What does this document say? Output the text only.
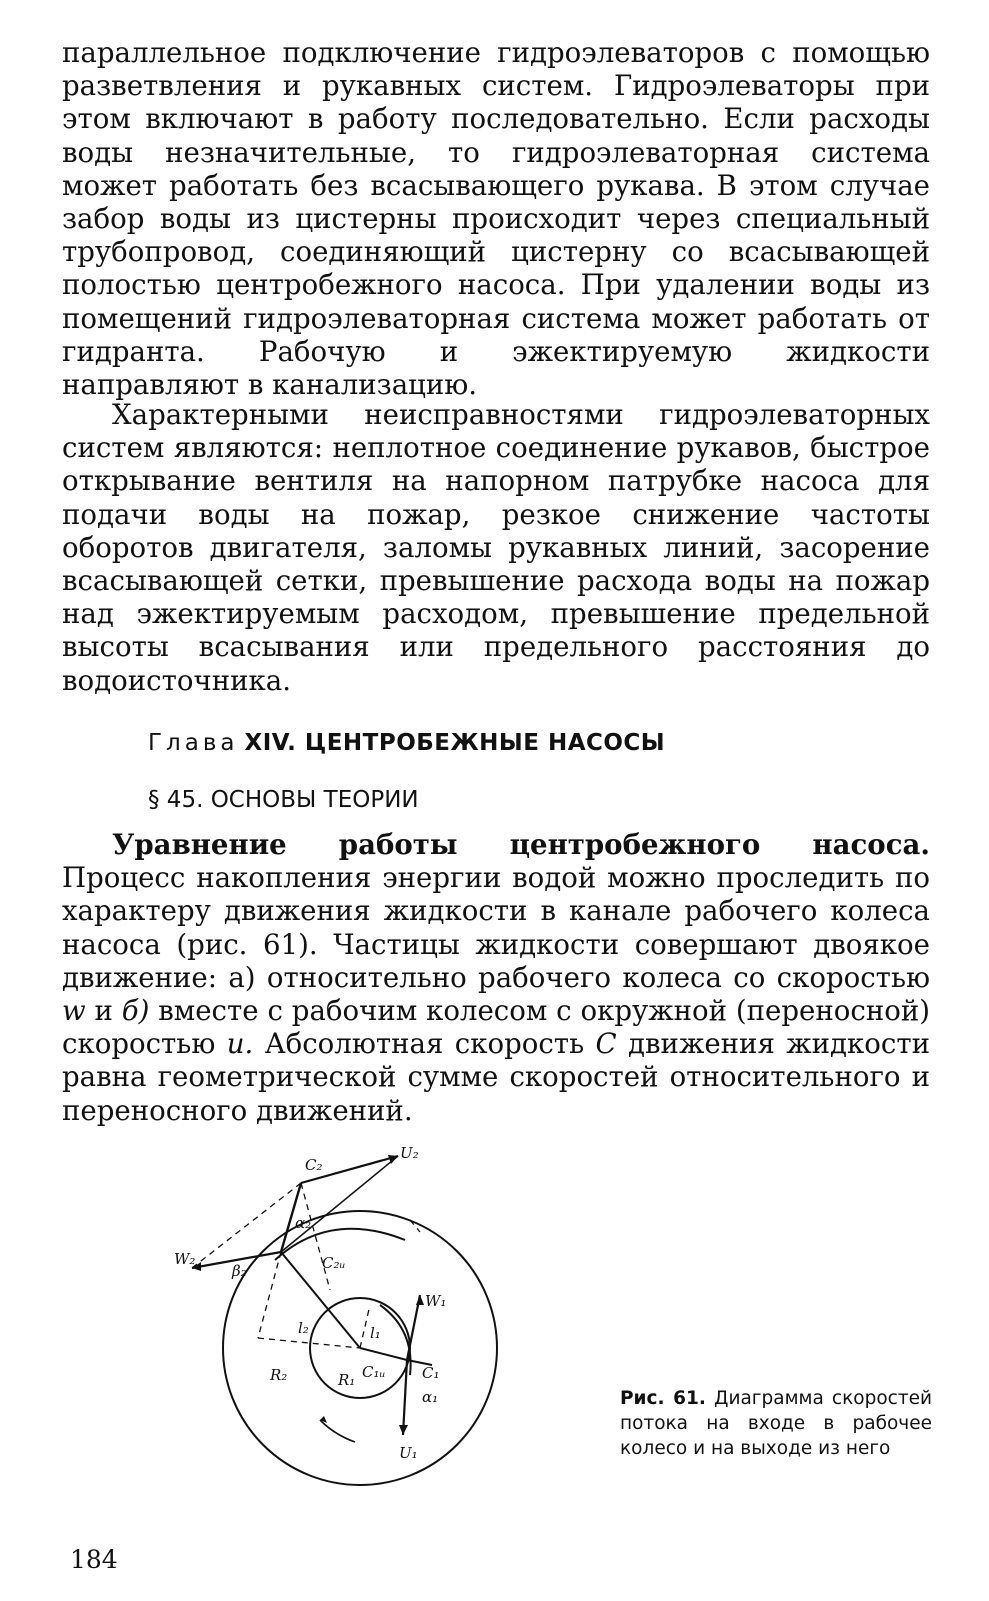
параллельное подключение гидроэлеваторов с помощью разветвления и рукавных систем. Гидроэлеваторы при этом включают в работу последовательно. Если расходы воды незначительные, то гидроэлеваторная система может работать без всасывающего рукава. В этом случае забор воды из цистерны происходит через специальный трубопровод, соединяющий цистерну со всасывающей полостью центробежного насоса. При удалении воды из помещений гидроэлеваторная система может работать от гидранта. Рабочую и эжектируемую жидкости направляют в канализацию.

Характерными неисправностями гидроэлеваторных систем являются: неплотное соединение рукавов, быстрое открывание вентиля на напорном патрубке насоса для подачи воды на пожар, резкое снижение частоты оборотов двигателя, заломы рукавных линий, засорение всасывающей сетки, превышение расхода воды на пожар над эжектируемым расходом, превышение предельной высоты всасывания или предельного расстояния до водоисточника.

Глава XIV. ЦЕНТРОБЕЖНЫЕ НАСОСЫ
§ 45. ОСНОВЫ ТЕОРИИ

Уравнение работы центробежного насоса. Процесс накопления энергии водой можно проследить по характеру движения жидкости в канале рабочего колеса насоса (рис. 61). Частицы жидкости совершают двоякое движение: а) относительно рабочего колеса со скоростью w и б) вместе с рабочим колесом с окружной (переносной) скоростью u. Абсолютная скорость С движения жидкости равна геометрической сумме скоростей относительного и переносного движений.

C₂
U₂
W₂
α₂
β₂	C₂ᵤ
W₁
l₂	l₁
R₂	R₁ C₁ᵤ C₁
α₁
U₁
Рис. 61. Диаграмма скоростей потока на входе в рабочее колесо и на выходе из него
184
